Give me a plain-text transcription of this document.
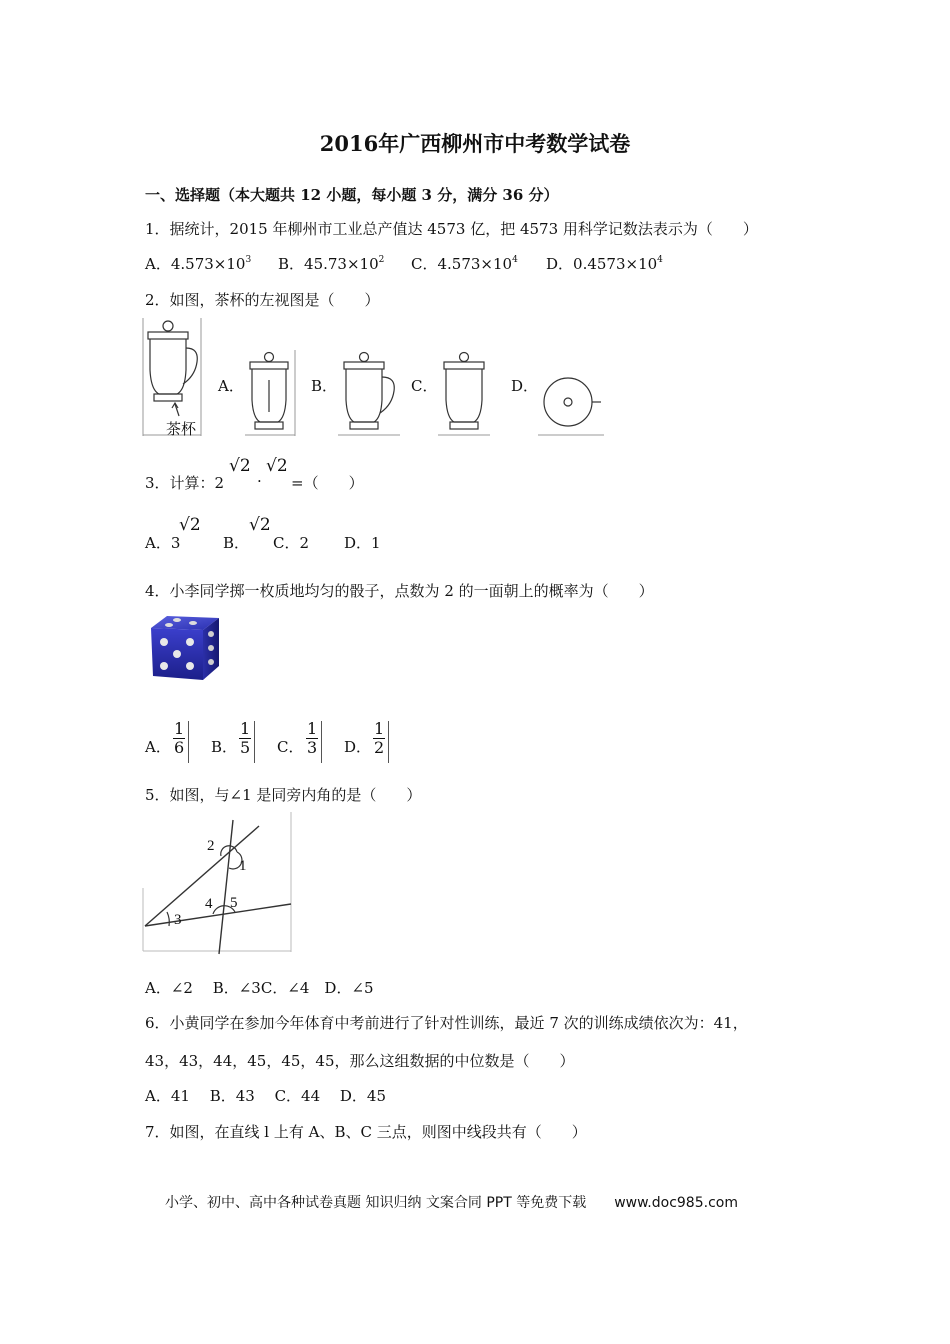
2016年广西柳州市中考数学试卷
一、选择题（本大题共 12 小题，每小题 3 分，满分 36 分）
1．据统计，2015 年柳州市工业总产值达 4573 亿，把 4573 用科学记数法表示为（　　）
A．$4.573\times 10^3$ B．$45.73\times 10^2$ C．$4.573\times 10^4$ D．$0.4573\times 10^4$
2．如图，茶杯的左视图是（　　）
茶杯
A．	B．	C．	D．
3．计算：2
√2
·
√2
=（　　）
A．3
√2
B．
√2
C．2 D．1
4．小李同学掷一枚质地均匀的骰子，点数为 2 的一面朝上的概率为（　　）
A． $\frac{1}{6}$ B． $\frac{1}{5}$ C． $\frac{1}{3}$ D． $\frac{1}{2}$
5．如图，与∠1 是同旁内角的是（　　）
2
1
4 5
3
A．∠2　 B．∠3C．∠4　D．∠5
6．小黄同学在参加今年体育中考前进行了针对性训练，最近 7 次的训练成绩依次为：41，
43，43，44，45，45，45，那么这组数据的中位数是（　　）
A．41　 B．43　 C．44　 D．45
7．如图，在直线 l 上有 A、B、C 三点，则图中线段共有（　　）
小学、初中、高中各种试卷真题 知识归纳 文案合同 PPT 等免费下载　　www.doc985.com
